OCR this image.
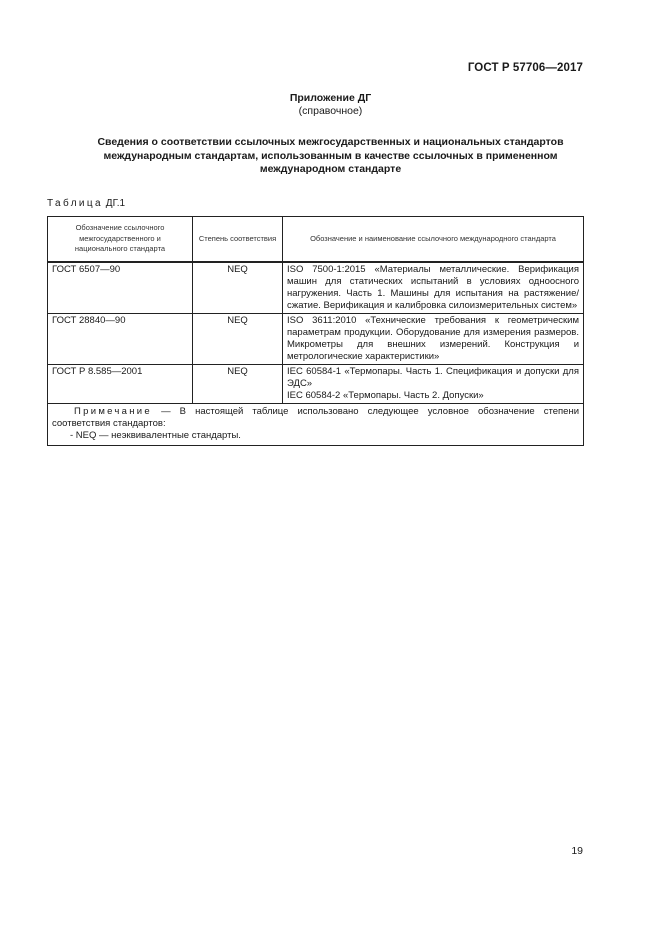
ГОСТ Р 57706—2017
Приложение ДГ
(справочное)
Сведения о соответствии ссылочных межгосударственных и национальных стандартов международным стандартам, использованным в качестве ссылочных в примененном международном стандарте
Таблица ДГ.1
Обозначение ссылочного межгосударственного и национального стандарта	Степень соответствия	Обозначение и наименование ссылочного международного стандарта
ГОСТ 6507—90	NEQ	ISO 7500-1:2015 «Материалы металлические. Верификация машин для статических испытаний в условиях одноосного нагружения. Часть 1. Машины для испытания на растяжение/сжатие. Верификация и калибровка силоизмерительных систем»
ГОСТ 28840—90	NEQ	ISO 3611:2010 «Технические требования к геометрическим параметрам продукции. Оборудование для измерения размеров. Микрометры для внешних измерений. Конструкция и метрологические характеристики»
ГОСТ Р 8.585—2001	NEQ	IEC 60584-1 «Термопары. Часть 1. Спецификация и допуски для ЭДС»
IEC 60584-2 «Термопары. Часть 2. Допуски»

Примечание — В настоящей таблице использовано следующее условное обозначение степени соответствия стандартов:
- NEQ — неэквивалентные стандарты.		
19
